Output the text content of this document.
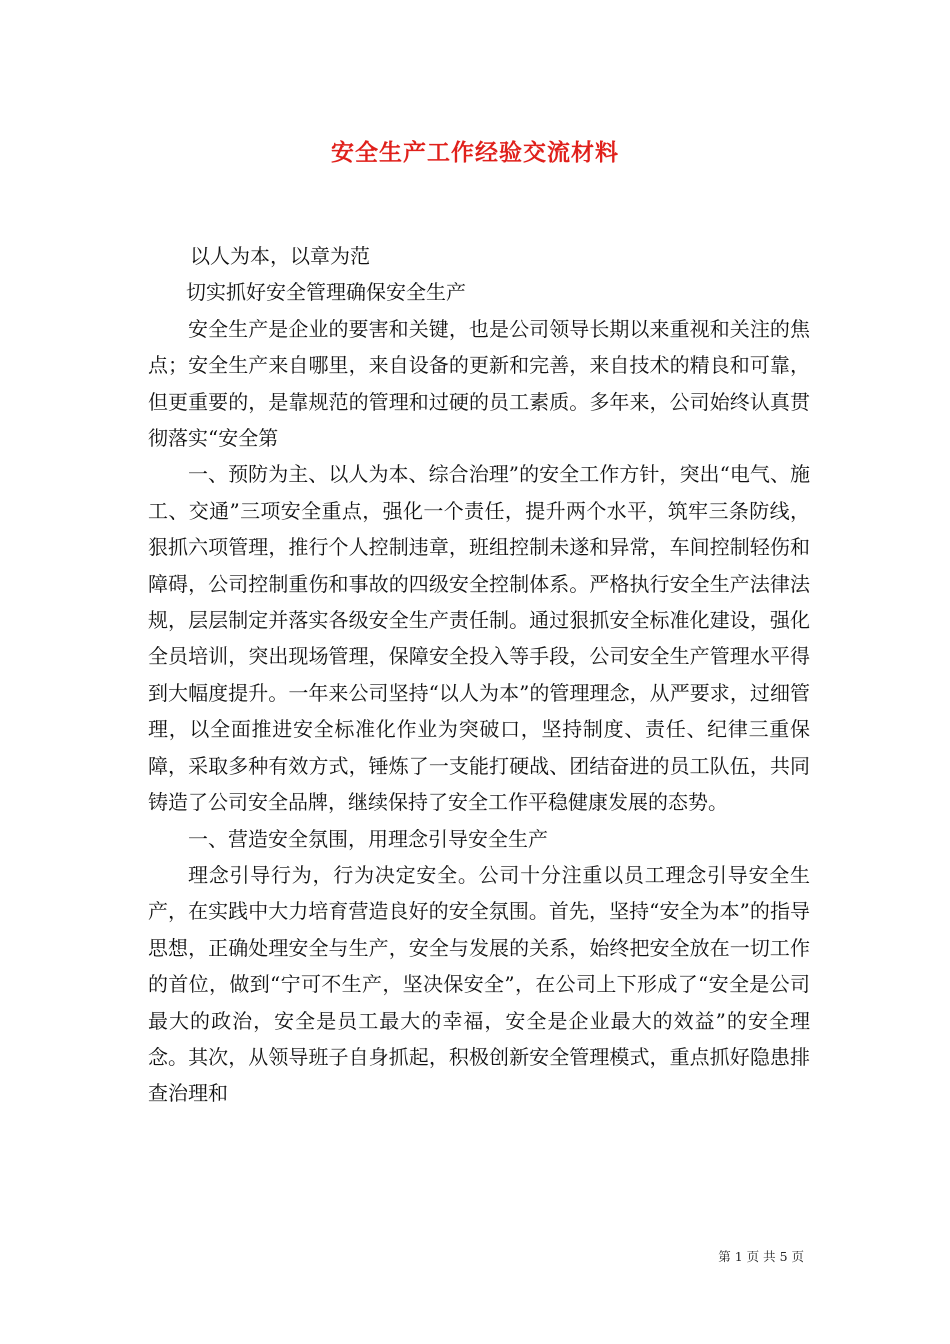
安全生产工作经验交流材料

以人为本，以章为范

切实抓好安全管理确保安全生产

安全生产是企业的要害和关键，也是公司领导长期以来重视和关注的焦点；安全生产来自哪里，来自设备的更新和完善，来自技术的精良和可靠，但更重要的，是靠规范的管理和过硬的员工素质。多年来，公司始终认真贯彻落实“安全第

一、预防为主、以人为本、综合治理”的安全工作方针，突出“电气、施工、交通”三项安全重点，强化一个责任，提升两个水平，筑牢三条防线，狠抓六项管理，推行个人控制违章，班组控制未遂和异常，车间控制轻伤和障碍，公司控制重伤和事故的四级安全控制体系。严格执行安全生产法律法规，层层制定并落实各级安全生产责任制。通过狠抓安全标准化建设，强化全员培训，突出现场管理，保障安全投入等手段，公司安全生产管理水平得到大幅度提升。一年来公司坚持“以人为本”的管理理念，从严要求，过细管理，以全面推进安全标准化作业为突破口，坚持制度、责任、纪律三重保障，采取多种有效方式，锤炼了一支能打硬战、团结奋进的员工队伍，共同铸造了公司安全品牌，继续保持了安全工作平稳健康发展的态势。

一、营造安全氛围，用理念引导安全生产

理念引导行为，行为决定安全。公司十分注重以员工理念引导安全生产，在实践中大力培育营造良好的安全氛围。首先，坚持“安全为本”的指导思想，正确处理安全与生产，安全与发展的关系，始终把安全放在一切工作的首位，做到“宁可不生产，坚决保安全”，在公司上下形成了“安全是公司最大的政治，安全是员工最大的幸福，安全是企业最大的效益”的安全理念。其次，从领导班子自身抓起，积极创新安全管理模式，重点抓好隐患排查治理和

第 1 页 共 5 页
